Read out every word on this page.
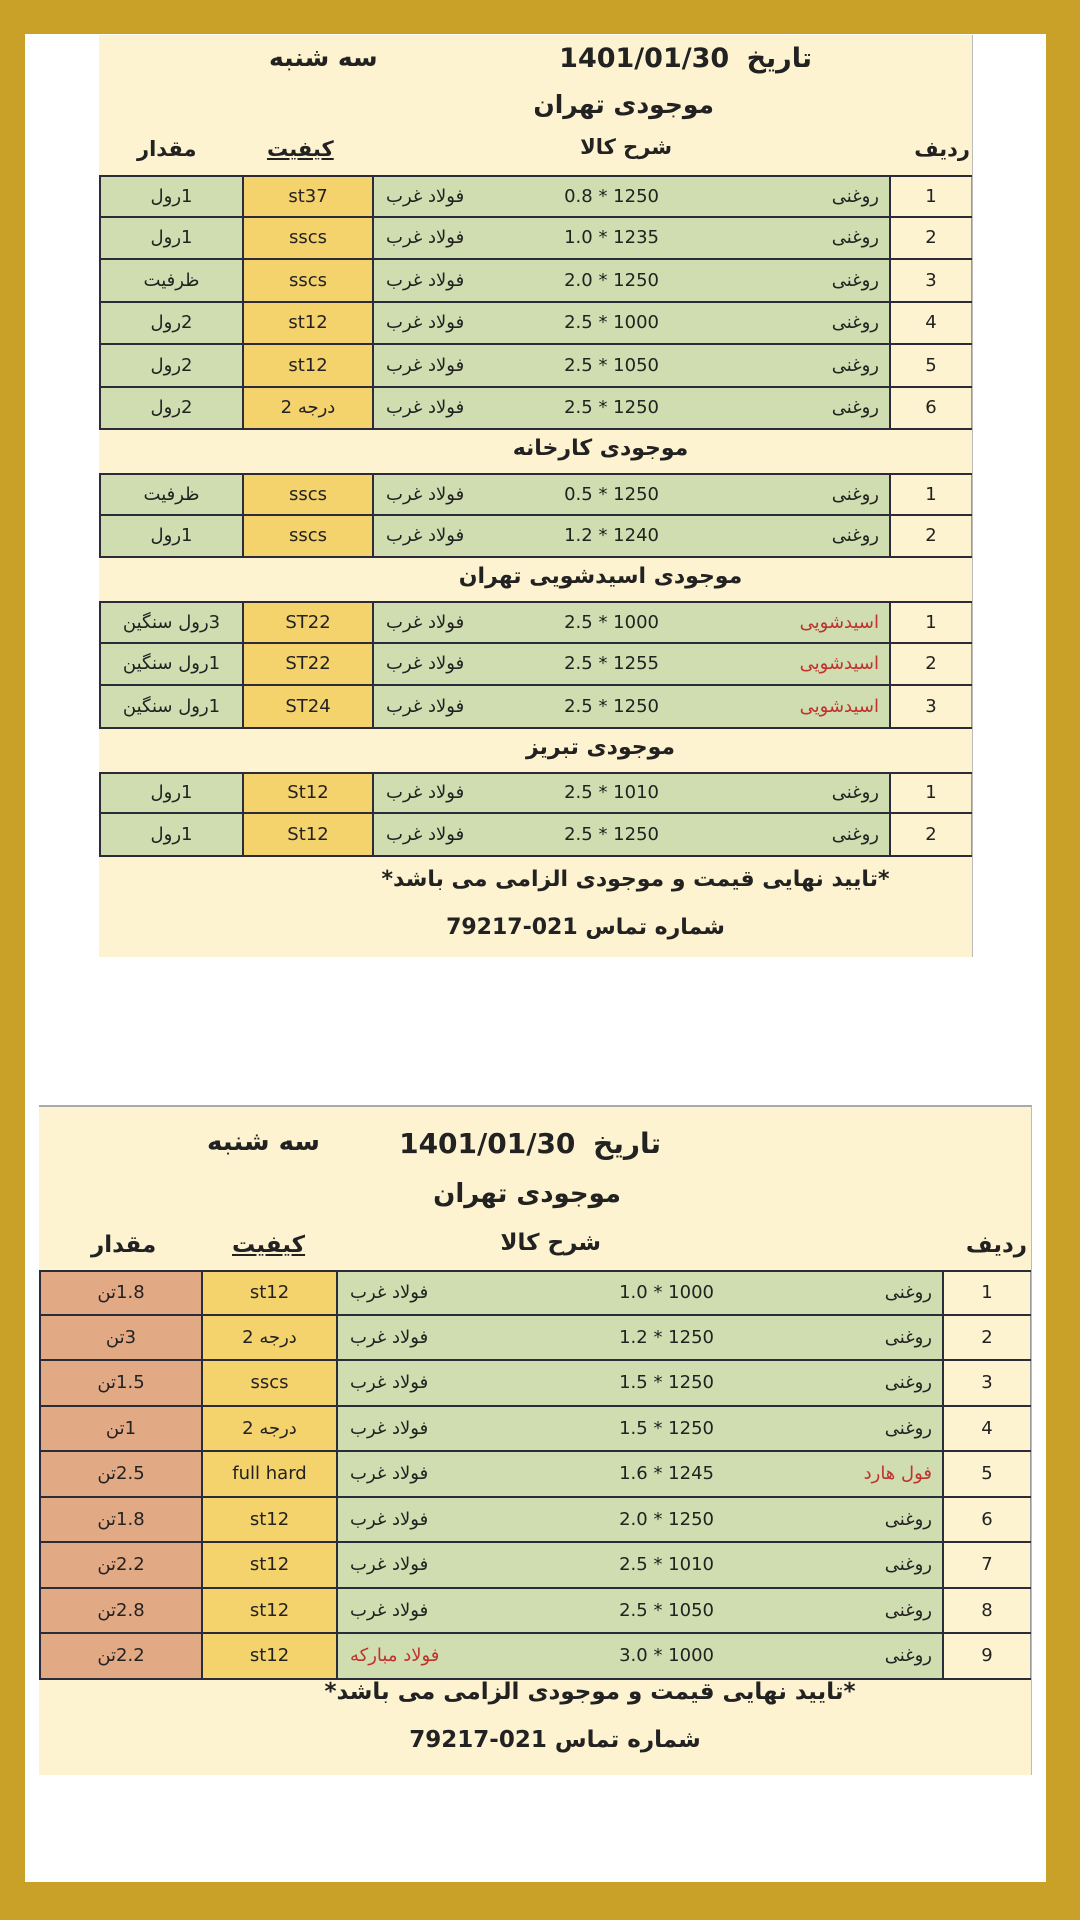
تاریخ 1401/01/30
سه شنبه
موجودی تهران
ردیف
شرح کالا
کیفیت
مقدار
1رول	st37	فولاد غرب	0.8 * 1250	روغنی	1
1رول	sscs	فولاد غرب	1.0 * 1235	روغنی	2
ظرفیت	sscs	فولاد غرب	2.0 * 1250	روغنی	3
2رول	st12	فولاد غرب	2.5 * 1000	روغنی	4
2رول	st12	فولاد غرب	2.5 * 1050	روغنی	5
2رول	درجه 2	فولاد غرب	2.5 * 1250	روغنی	6
موجودی کارخانه
ظرفیت	sscs	فولاد غرب	0.5 * 1250	روغنی	1
1رول	sscs	فولاد غرب	1.2 * 1240	روغنی	2
موجودی اسیدشویی تهران
3رول سنگین	ST22	فولاد غرب	2.5 * 1000	اسیدشویی	1
1رول سنگین	ST22	فولاد غرب	2.5 * 1255	اسیدشویی	2
1رول سنگین	ST24	فولاد غرب	2.5 * 1250	اسیدشویی	3
موجودی تبریز
1رول	St12	فولاد غرب	2.5 * 1010	روغنی	1
1رول	St12	فولاد غرب	2.5 * 1250	روغنی	2
*تایید نهایی قیمت و موجودی الزامی می باشد*
شماره تماس 021-79217
تاریخ 1401/01/30
سه شنبه
موجودی تهران
ردیف
شرح کالا
کیفیت
مقدار
1.8تن	st12	فولاد غرب	1.0 * 1000	روغنی	1
3تن	درجه 2	فولاد غرب	1.2 * 1250	روغنی	2
1.5تن	sscs	فولاد غرب	1.5 * 1250	روغنی	3
1تن	درجه 2	فولاد غرب	1.5 * 1250	روغنی	4
2.5تن	full hard	فولاد غرب	1.6 * 1245	فول هارد	5
1.8تن	st12	فولاد غرب	2.0 * 1250	روغنی	6
2.2تن	st12	فولاد غرب	2.5 * 1010	روغنی	7
2.8تن	st12	فولاد غرب	2.5 * 1050	روغنی	8
2.2تن	st12	فولاد مبارکه	3.0 * 1000	روغنی	9
*تایید نهایی قیمت و موجودی الزامی می باشد*
شماره تماس 021-79217
